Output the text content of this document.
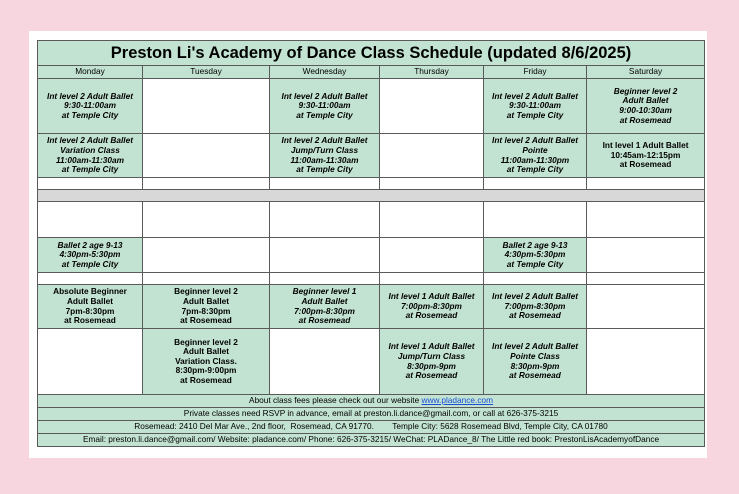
Preston Li's Academy of Dance Class Schedule (updated 8/6/2025)					
Monday	Tuesday	Wednesday	Thursday	Friday	Saturday

Int level 2 Adult Ballet
9:30-11:00am
at Temple City		Int level 2 Adult Ballet
9:30-11:00am
at Temple City		Int level 2 Adult Ballet
9:30-11:00am
at Temple City	Beginner level 2
Adult Ballet
9:00-10:30am
at Rosemead

Int level 2 Adult Ballet
Variation Class
11:00am-11:30am
at Temple City		Int level 2 Adult Ballet
Jump/Turn Class
11:00am-11:30am
at Temple City		Int level 2 Adult Ballet
Pointe
11:00am-11:30pm
at Temple City	Int level 1 Adult Ballet
10:45am-12:15pm
at Rosemead

Ballet 2 age 9-13
4:30pm-5:30pm
at Temple City				Ballet 2 age 9-13
4:30pm-5:30pm
at Temple City	

Absolute Beginner
Adult Ballet
7pm-8:30pm
at Rosemead	Beginner level 2
Adult Ballet
7pm-8:30pm
at Rosemead	Beginner level 1
Adult Ballet
7:00pm-8:30pm
at Rosemead	Int level 1 Adult Ballet
7:00pm-8:30pm
at Rosemead	Int level 2 Adult Ballet
7:00pm-8:30pm
at Rosemead	

	Beginner level 2
Adult Ballet
Variation Class.
8:30pm-9:00pm
at Rosemead		Int level 1 Adult Ballet
Jump/Turn Class
8:30pm-9pm
at Rosemead	Int level 2 Adult Ballet
Pointe Class
8:30pm-9pm
at Rosemead	

About class fees please check out our website www.pladance.com					
Private classes need RSVP in advance, email at preston.li.dance@gmail.com, or call at 626-375-3215					
Rosemead: 2410 Del Mar Ave., 2nd floor,  Rosemead, CA 91770.        Temple City: 5628 Rosemead Blvd, Temple City, CA 01780					
Email: preston.li.dance@gmail.com/ Website: pladance.com/ Phone: 626-375-3215/ WeChat: PLADance_8/ The Little red book: PrestonLisAcademyofDance					
